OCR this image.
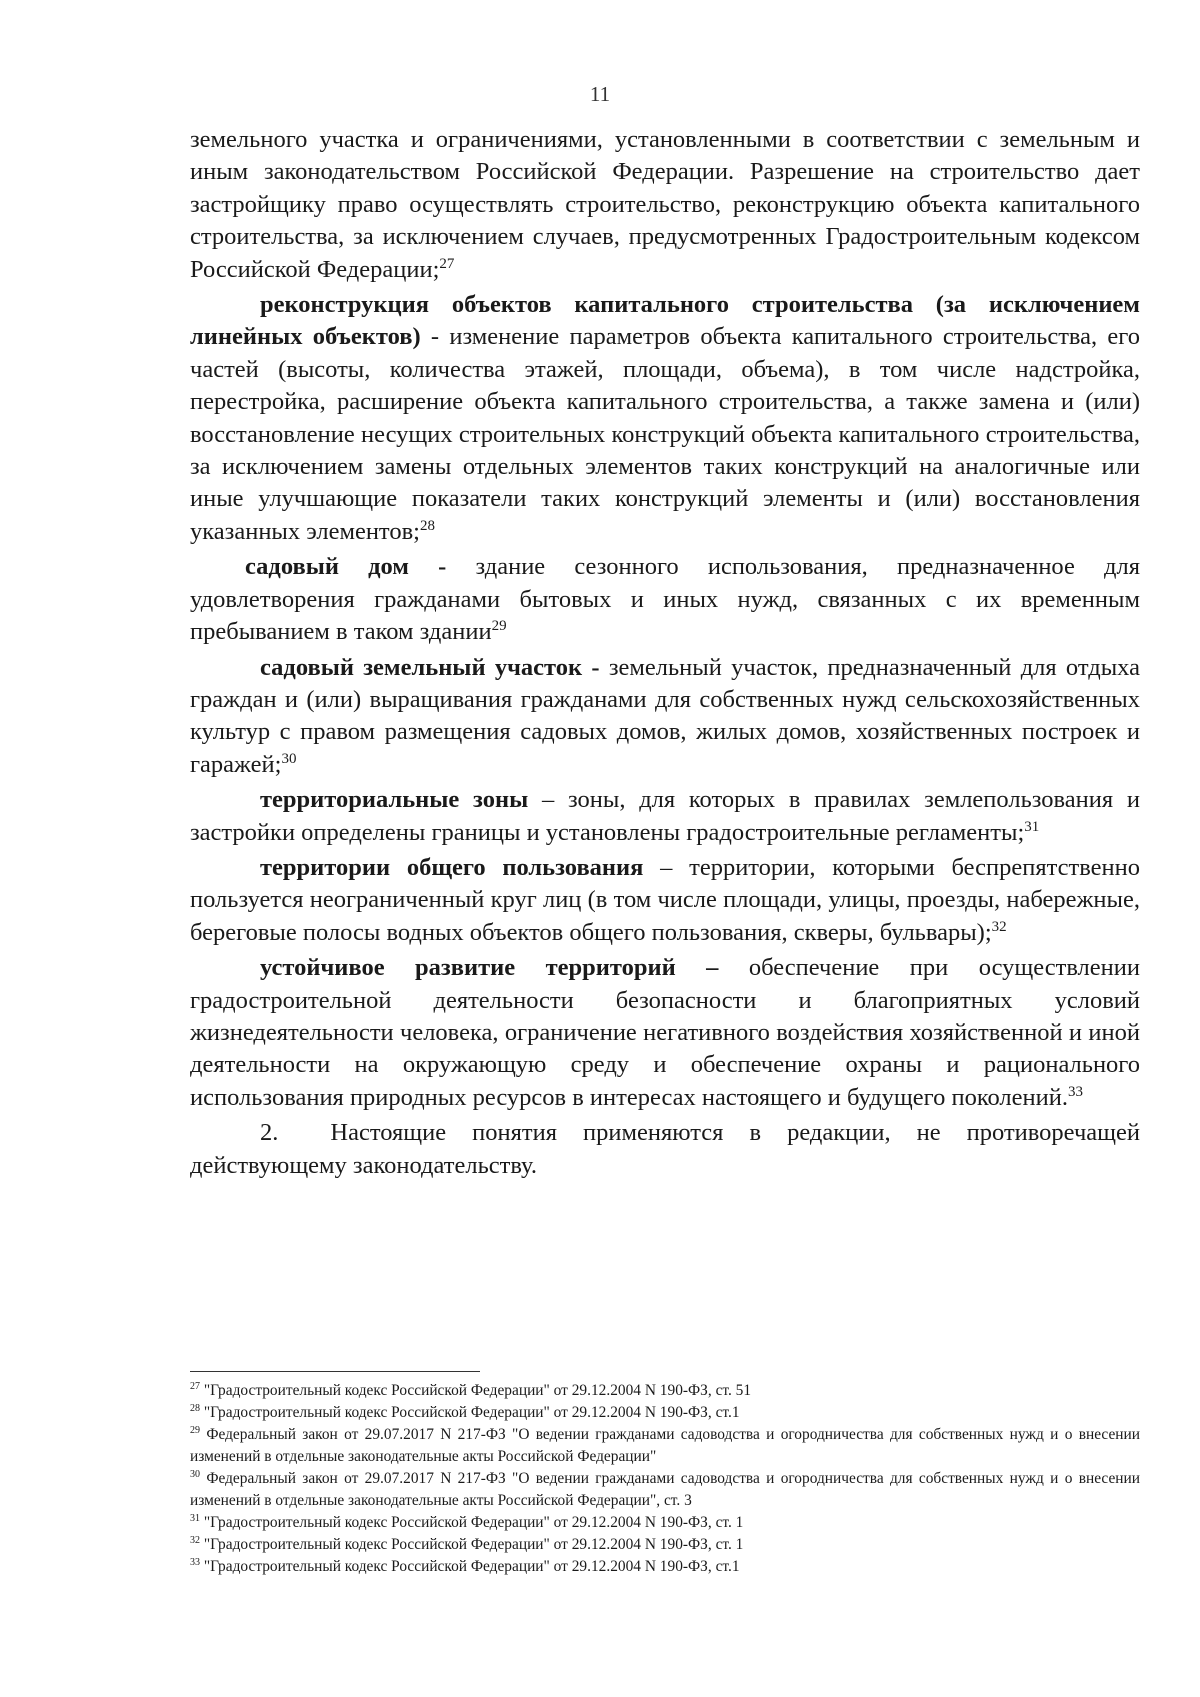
11

земельного участка и ограничениями, установленными в соответствии с земельным и иным законодательством Российской Федерации. Разрешение на строительство дает застройщику право осуществлять строительство, реконструкцию объекта капитального строительства, за исключением случаев, предусмотренных Градостроительным кодексом Российской Федерации;$^{27}$

реконструкция объектов капитального строительства (за исключением линейных объектов) - изменение параметров объекта капитального строительства, его частей (высоты, количества этажей, площади, объема), в том числе надстройка, перестройка, расширение объекта капитального строительства, а также замена и (или) восстановление несущих строительных конструкций объекта капитального строительства, за исключением замены отдельных элементов таких конструкций на аналогичные или иные улучшающие показатели таких конструкций элементы и (или) восстановления указанных элементов;$^{28}$

садовый дом - здание сезонного использования, предназначенное для удовлетворения гражданами бытовых и иных нужд, связанных с их временным пребыванием в таком здании$^{29}$

садовый земельный участок - земельный участок, предназначенный для отдыха граждан и (или) выращивания гражданами для собственных нужд сельскохозяйственных культур с правом размещения садовых домов, жилых домов, хозяйственных построек и гаражей;$^{30}$

территориальные зоны – зоны, для которых в правилах землепользования и застройки определены границы и установлены градостроительные регламенты;$^{31}$

территории общего пользования – территории, которыми беспрепятственно пользуется неограниченный круг лиц (в том числе площади, улицы, проезды, набережные, береговые полосы водных объектов общего пользования, скверы, бульвары);$^{32}$

устойчивое развитие территорий – обеспечение при осуществлении градостроительной деятельности безопасности и благоприятных условий жизнедеятельности человека, ограничение негативного воздействия хозяйственной и иной деятельности на окружающую среду и обеспечение охраны и рационального использования природных ресурсов в интересах настоящего и будущего поколений.$^{33}$

2. Настоящие понятия применяются в редакции, не противоречащей действующему законодательству.

$^{27}$ "Градостроительный кодекс Российской Федерации" от 29.12.2004 N 190-ФЗ, ст. 51

$^{28}$ "Градостроительный кодекс Российской Федерации" от 29.12.2004 N 190-ФЗ, ст.1

$^{29}$ Федеральный закон от 29.07.2017 N 217-ФЗ "О ведении гражданами садоводства и огородничества для собственных нужд и о внесении изменений в отдельные законодательные акты Российской Федерации"

$^{30}$ Федеральный закон от 29.07.2017 N 217-ФЗ "О ведении гражданами садоводства и огородничества для собственных нужд и о внесении изменений в отдельные законодательные акты Российской Федерации", ст. 3

$^{31}$ "Градостроительный кодекс Российской Федерации" от 29.12.2004 N 190-ФЗ, ст. 1

$^{32}$ "Градостроительный кодекс Российской Федерации" от 29.12.2004 N 190-ФЗ, ст. 1

$^{33}$ "Градостроительный кодекс Российской Федерации" от 29.12.2004 N 190-ФЗ, ст.1
